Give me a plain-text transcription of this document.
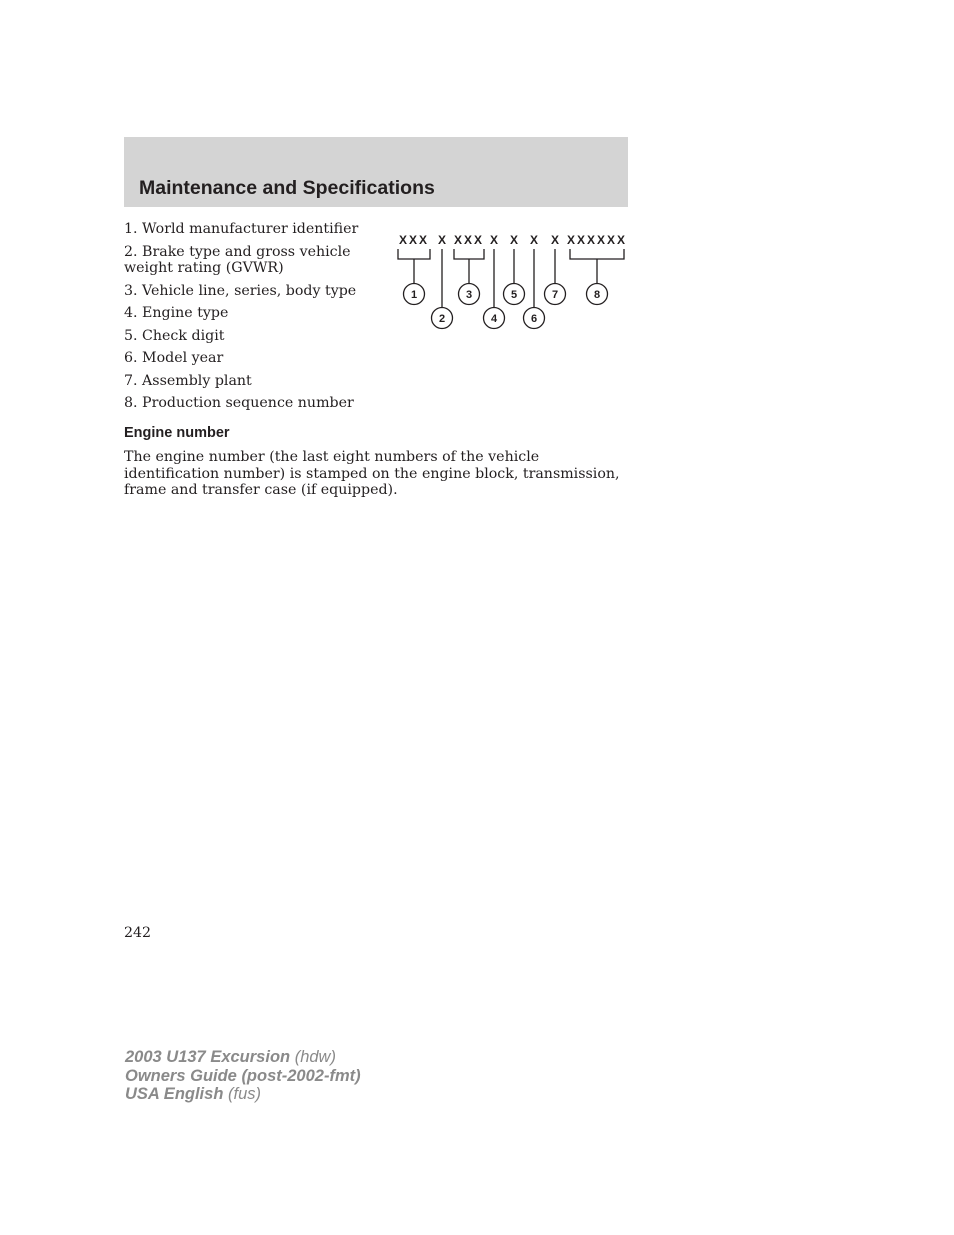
Maintenance and Specifications
1. World manufacturer identifier
2. Brake type and gross vehicle weight rating (GVWR)
3. Vehicle line, series, body type
4. Engine type
5. Check digit
6. Model year
7. Assembly plant
8. Production sequence number
XXX X XXX X X X X XXXXXX
1
2
3
4
5
6
7	8
Engine number

The engine number (the last eight numbers of the vehicle identification number) is stamped on the engine block, transmission, frame and transfer case (if equipped).

242
2003 U137 Excursion (hdw)
Owners Guide (post-2002-fmt)
USA English (fus)
